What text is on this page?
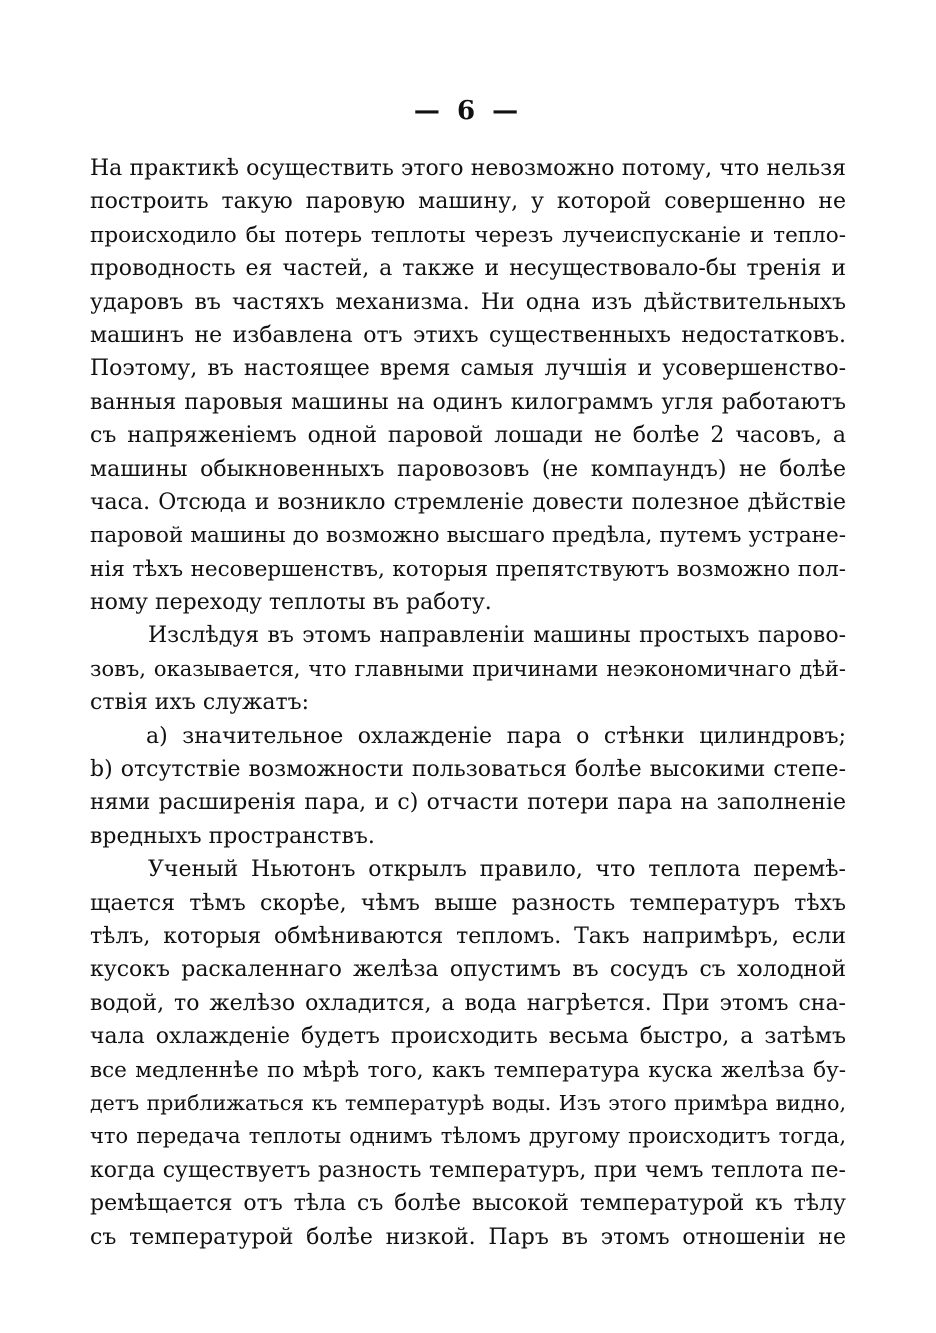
— 6 —
На практикѣ осуществить этого невозможно потому, что нельзя
построить такую паровую машину, у которой совершенно не
происходило бы потерь теплоты черезъ лучеиспусканіе и тепло-
проводность ея частей, а также и несуществовало-бы тренія и
ударовъ въ частяхъ механизма. Ни одна изъ дѣйствительныхъ
машинъ не избавлена отъ этихъ существенныхъ недостатковъ.
Поэтому, въ настоящее время самыя лучшія и усовершенство-
ванныя паровыя машины на одинъ килограммъ угля работаютъ
съ напряженіемъ одной паровой лошади не болѣе 2 часовъ, а
машины обыкновенныхъ паровозовъ (не компаундъ) не болѣе
часа. Отсюда и возникло стремленіе довести полезное дѣйствіе
паровой машины до возможно высшаго предѣла, путемъ устране-
нія тѣхъ несовершенствъ, которыя препятствуютъ возможно пол-
ному переходу теплоты въ работу.
Изслѣдуя въ этомъ направленіи машины простыхъ парово-
зовъ, оказывается, что главными причинами неэкономичнаго дѣй-
ствія ихъ служатъ:
a) значительное охлажденіе пара о стѣнки цилиндровъ;
b) отсутствіе возможности пользоваться болѣе высокими степе-
нями расширенія пара, и c) отчасти потери пара на заполненіе
вредныхъ пространствъ.
Ученый Ньютонъ открылъ правило, что теплота перемѣ-
щается тѣмъ скорѣе, чѣмъ выше разность температуръ тѣхъ
тѣлъ, которыя обмѣниваются тепломъ. Такъ напримѣръ, если
кусокъ раскаленнаго желѣза опустимъ въ сосудъ съ холодной
водой, то желѣзо охладится, а вода нагрѣется. При этомъ сна-
чала охлажденіе будетъ происходить весьма быстро, а затѣмъ
все медленнѣе по мѣрѣ того, какъ температура куска желѣза бу-
детъ приближаться къ температурѣ воды. Изъ этого примѣра видно,
что передача теплоты однимъ тѣломъ другому происходитъ тогда,
когда существуетъ разность температуръ, при чемъ теплота пе-
ремѣщается отъ тѣла съ болѣе высокой температурой къ тѣлу
съ температурой болѣе низкой. Паръ въ этомъ отношеніи не
